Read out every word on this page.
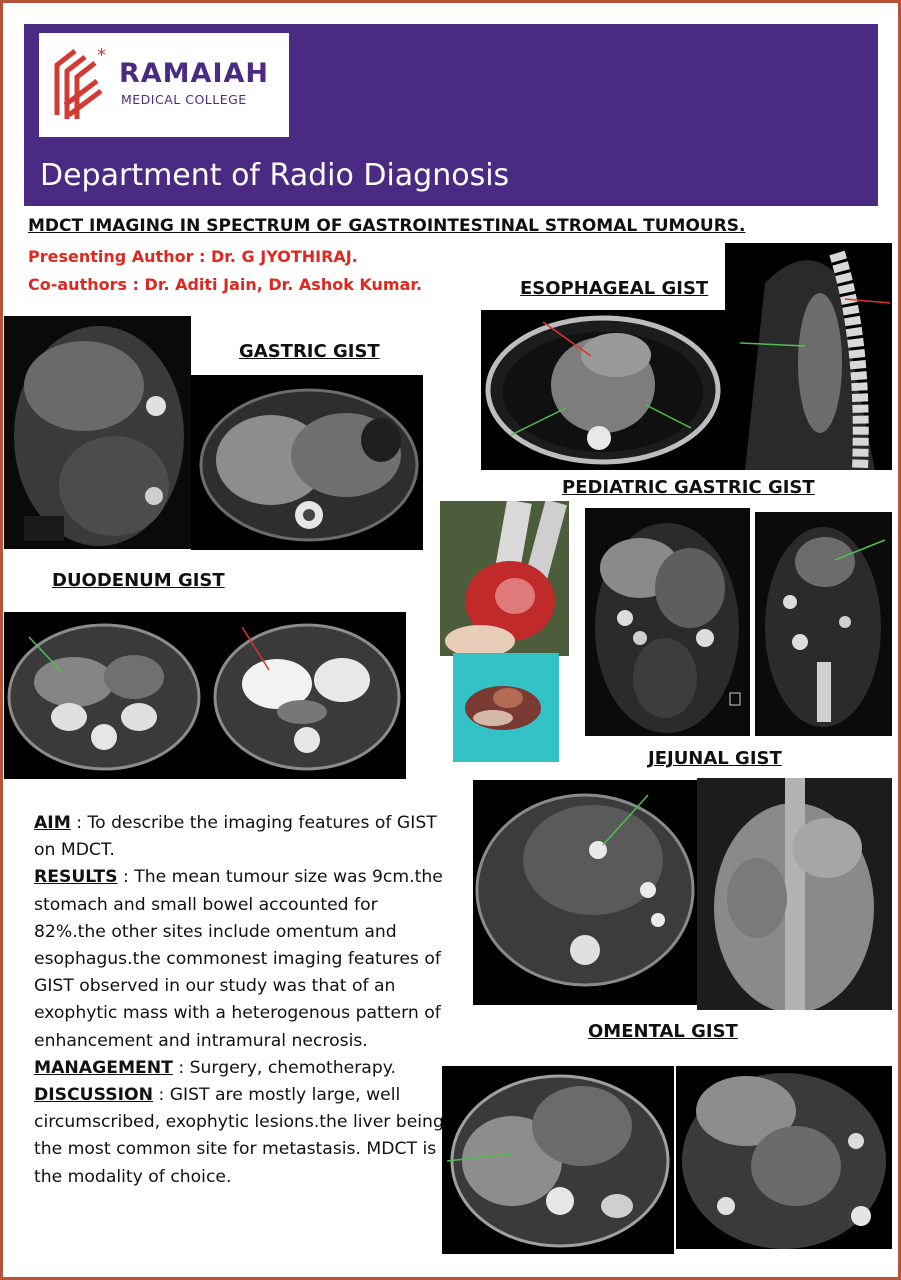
*
RAMAIAH
MEDICAL COLLEGE
Department of Radio Diagnosis
MDCT IMAGING IN SPECTRUM OF GASTROINTESTINAL STROMAL TUMOURS.
Presenting Author : Dr. G JYOTHIRAJ.
Co-authors : Dr. Aditi Jain, Dr. Ashok Kumar.	ESOPHAGEAL GIST
GASTRIC GIST
PEDIATRIC GASTRIC GIST
DUODENUM GIST
JEJUNAL GIST
OMENTAL GIST

AIM : To describe the imaging features of GIST on MDCT.

RESULTS : The mean tumour size was 9cm.the stomach and small bowel accounted for 82%.the other sites include omentum and esophagus.the commonest imaging features of GIST observed in our study was that of an exophytic mass with a heterogenous pattern of enhancement and intramural necrosis.

MANAGEMENT : Surgery, chemotherapy.

DISCUSSION : GIST are mostly large, well circumscribed, exophytic lesions.the liver being the most common site for metastasis. MDCT is the modality of choice.
